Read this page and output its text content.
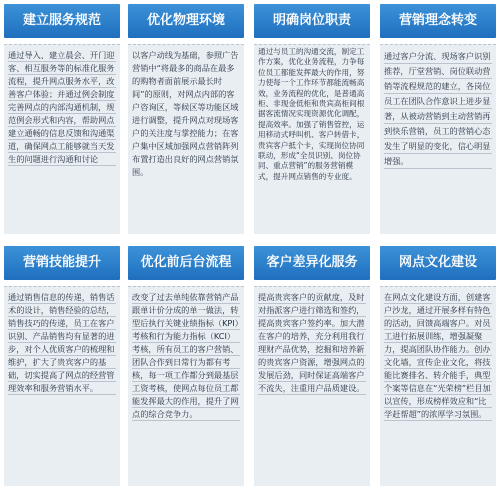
建立服务规范

通过导入、建立晨会、开门迎客、相互服务等的标准化服务流程，提升网点服务水平，改善客户体验；并通过例会制度完善网点的内部沟通机制，规范例会形式和内容，帮助网点建立通畅的信息反馈和沟通渠道，确保网点工能够就当天发生的问题进行沟通和讨论

优化物理环境

以客户动线为基础，参照广告营销中“将最多的商品在最多的购物者面前展示最长时间”的原则，对网点内部的客户咨询区，等候区等功能区域进行调整，提升网点对现场客户的关注度与掌控能力；在客户集中区域加强网点营销阵列布置打造出良好的网点营销氛围。

明确岗位职责

通过与员工的沟通交流，制定工作方案，优化业务流程，力争每位员工都能发挥最大的作用，努力使每一个工作环节都能流畅高效，业务流程的优化，是普通高柜、非现金低柜和贵宾高柜间根据客流情况实现资源优化调配，提高效率。加强了销售管控，运用移动式呼叫机、客户转借卡，贵宾客户抵个卡，实现岗位协同联动，形成“全员识别、岗位协同、重点营销”的服务营销模式，提升网点销售的专业度。

营销理念转变

通过客户分流、现场客户识别推荐，厅堂营销、岗位联动营销等流程规范的建立，各岗位员工在团队合作意识上进步显著，从被动营销到主动营销再到快乐营销，员工的营销心态发生了明显的变化，信心明显增强。

营销技能提升

通过销售信息的传递，销售话术的设计，销售经验的总结，销售技巧的传递，员工在客户识别、产品销售均有显著的进步，对个人优质客户的梳理和维护，扩大了贵宾客户的基础，切实提高了网点的经营管理效率和服务营销水平。

优化前后台流程

改变了过去单纯依靠营销产品跟单计价分成的单一做法，转型后执行关键业绩指标（KPI）考核和行为能力指标（KCI）考核，所有员工的客户营销、团队合作到日常行为都有考核，每一项工作都分到最基层工资考核，使网点每位员工都能发挥最大的作用，提升了网点的综合竞争力。

客户差异化服务

提高贵宾客户的贡献度，及时对指派客户进行筛选和签约，提高贵宾客户签约率。加大潜在客户的培养，充分利用我行理财产品优势，挖掘和培养新的贵宾客户资源，增强网点的发展后劲，同时保证高端客户不流失，注重用户品质建设。

网点文化建设

在网点文化建设方面，创建客户沙龙，通过开展多样有特色的活动，回馈高端客户。对员工进行拓展训练，增强凝聚力，提高团队协作能力。创办文化墙，宣传企业文化，将技能比赛排名、转介能手，典型个案等信息在“光荣榜”栏目加以宣传，形成榜样效应和“比学赶帮超”的浓厚学习氛围。
